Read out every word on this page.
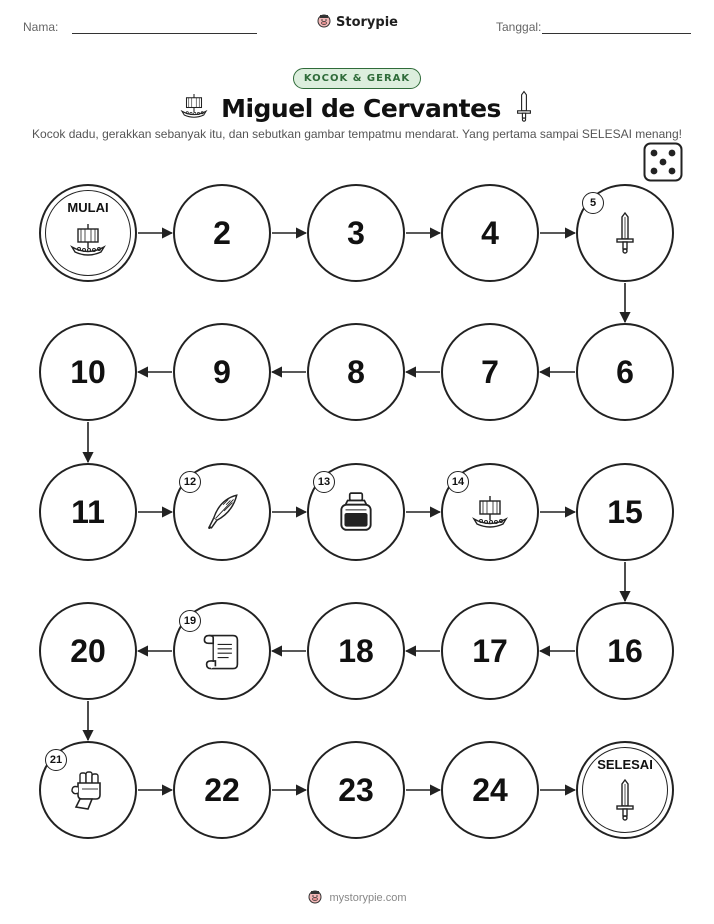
Nama:	Storypie	Tanggal:
KOCOK & GERAK
Miguel de Cervantes
Kocok dadu, gerakkan sebanyak itu, dan sebutkan gambar tempatmu mendarat. Yang pertama sampai SELESAI menang!
MULAI
2	3	4
5
6
7
8
9
10
11
12	13	14
15
16
17
18
19
20
21
22	23	24
SELESAI
mystorypie.com
